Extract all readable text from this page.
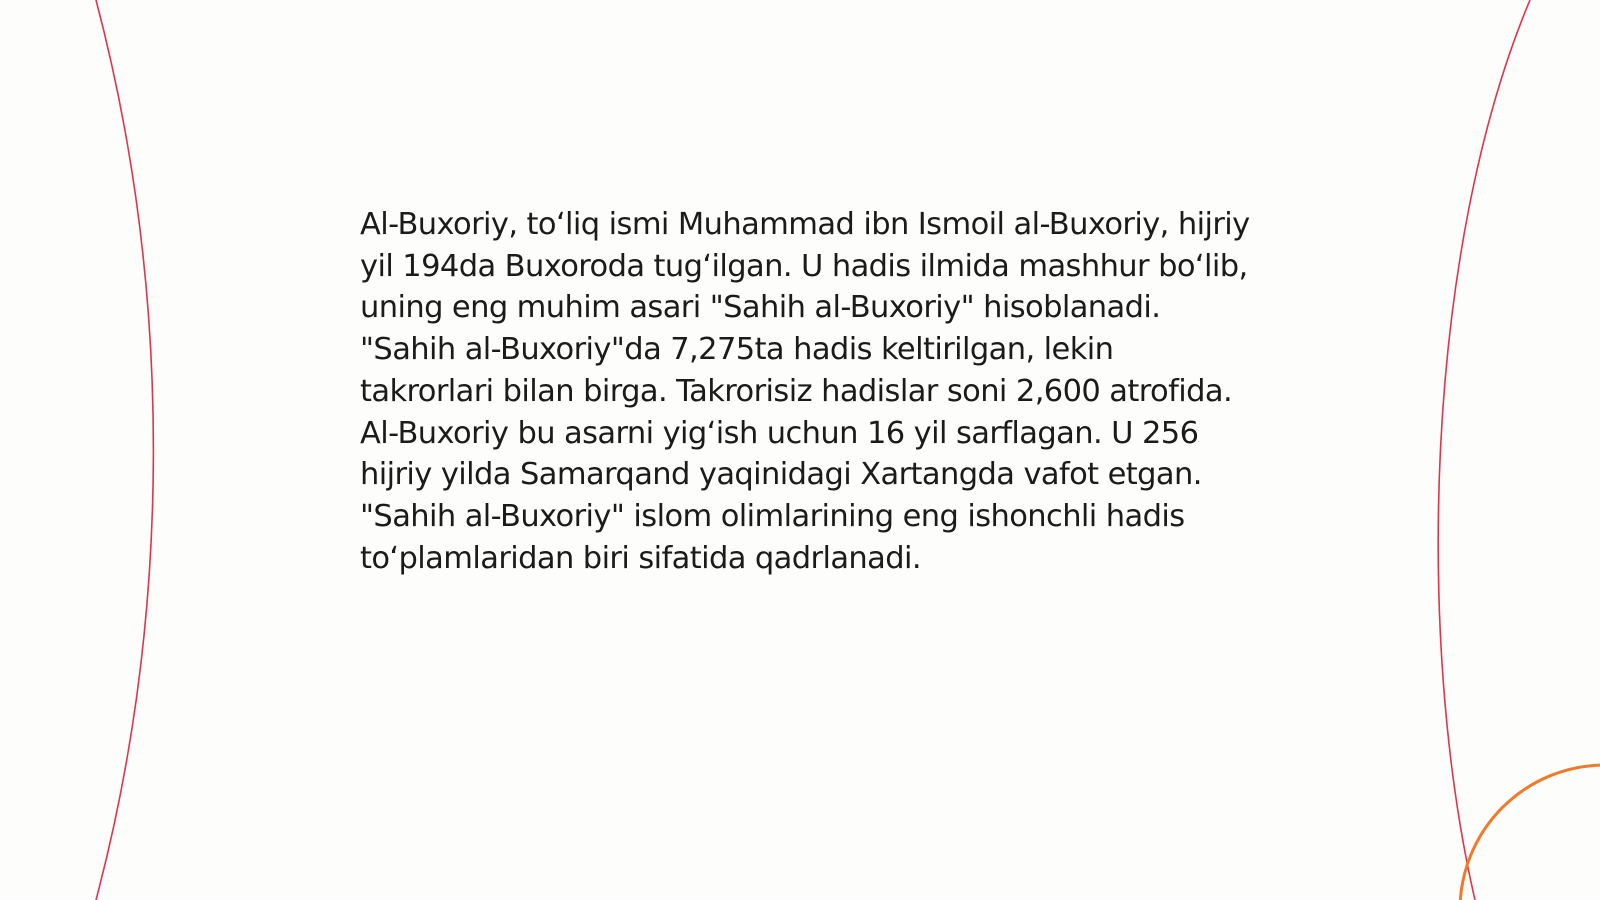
Al-Buxoriy, to‘liq ismi Muhammad ibn Ismoil al-Buxoriy, hijriy yil 194da Buxoroda tug‘ilgan. U hadis ilmida mashhur bo‘lib, uning eng muhim asari "Sahih al-Buxoriy" hisoblanadi. "Sahih al-Buxoriy"da 7,275ta hadis keltirilgan, lekin takrorlari bilan birga. Takrorisiz hadislar soni 2,600 atrofida. Al-Buxoriy bu asarni yig‘ish uchun 16 yil sarflagan. U 256 hijriy yilda Samarqand yaqinidagi Xartangda vafot etgan. "Sahih al-Buxoriy" islom olimlarining eng ishonchli hadis to‘plamlaridan biri sifatida qadrlanadi.
